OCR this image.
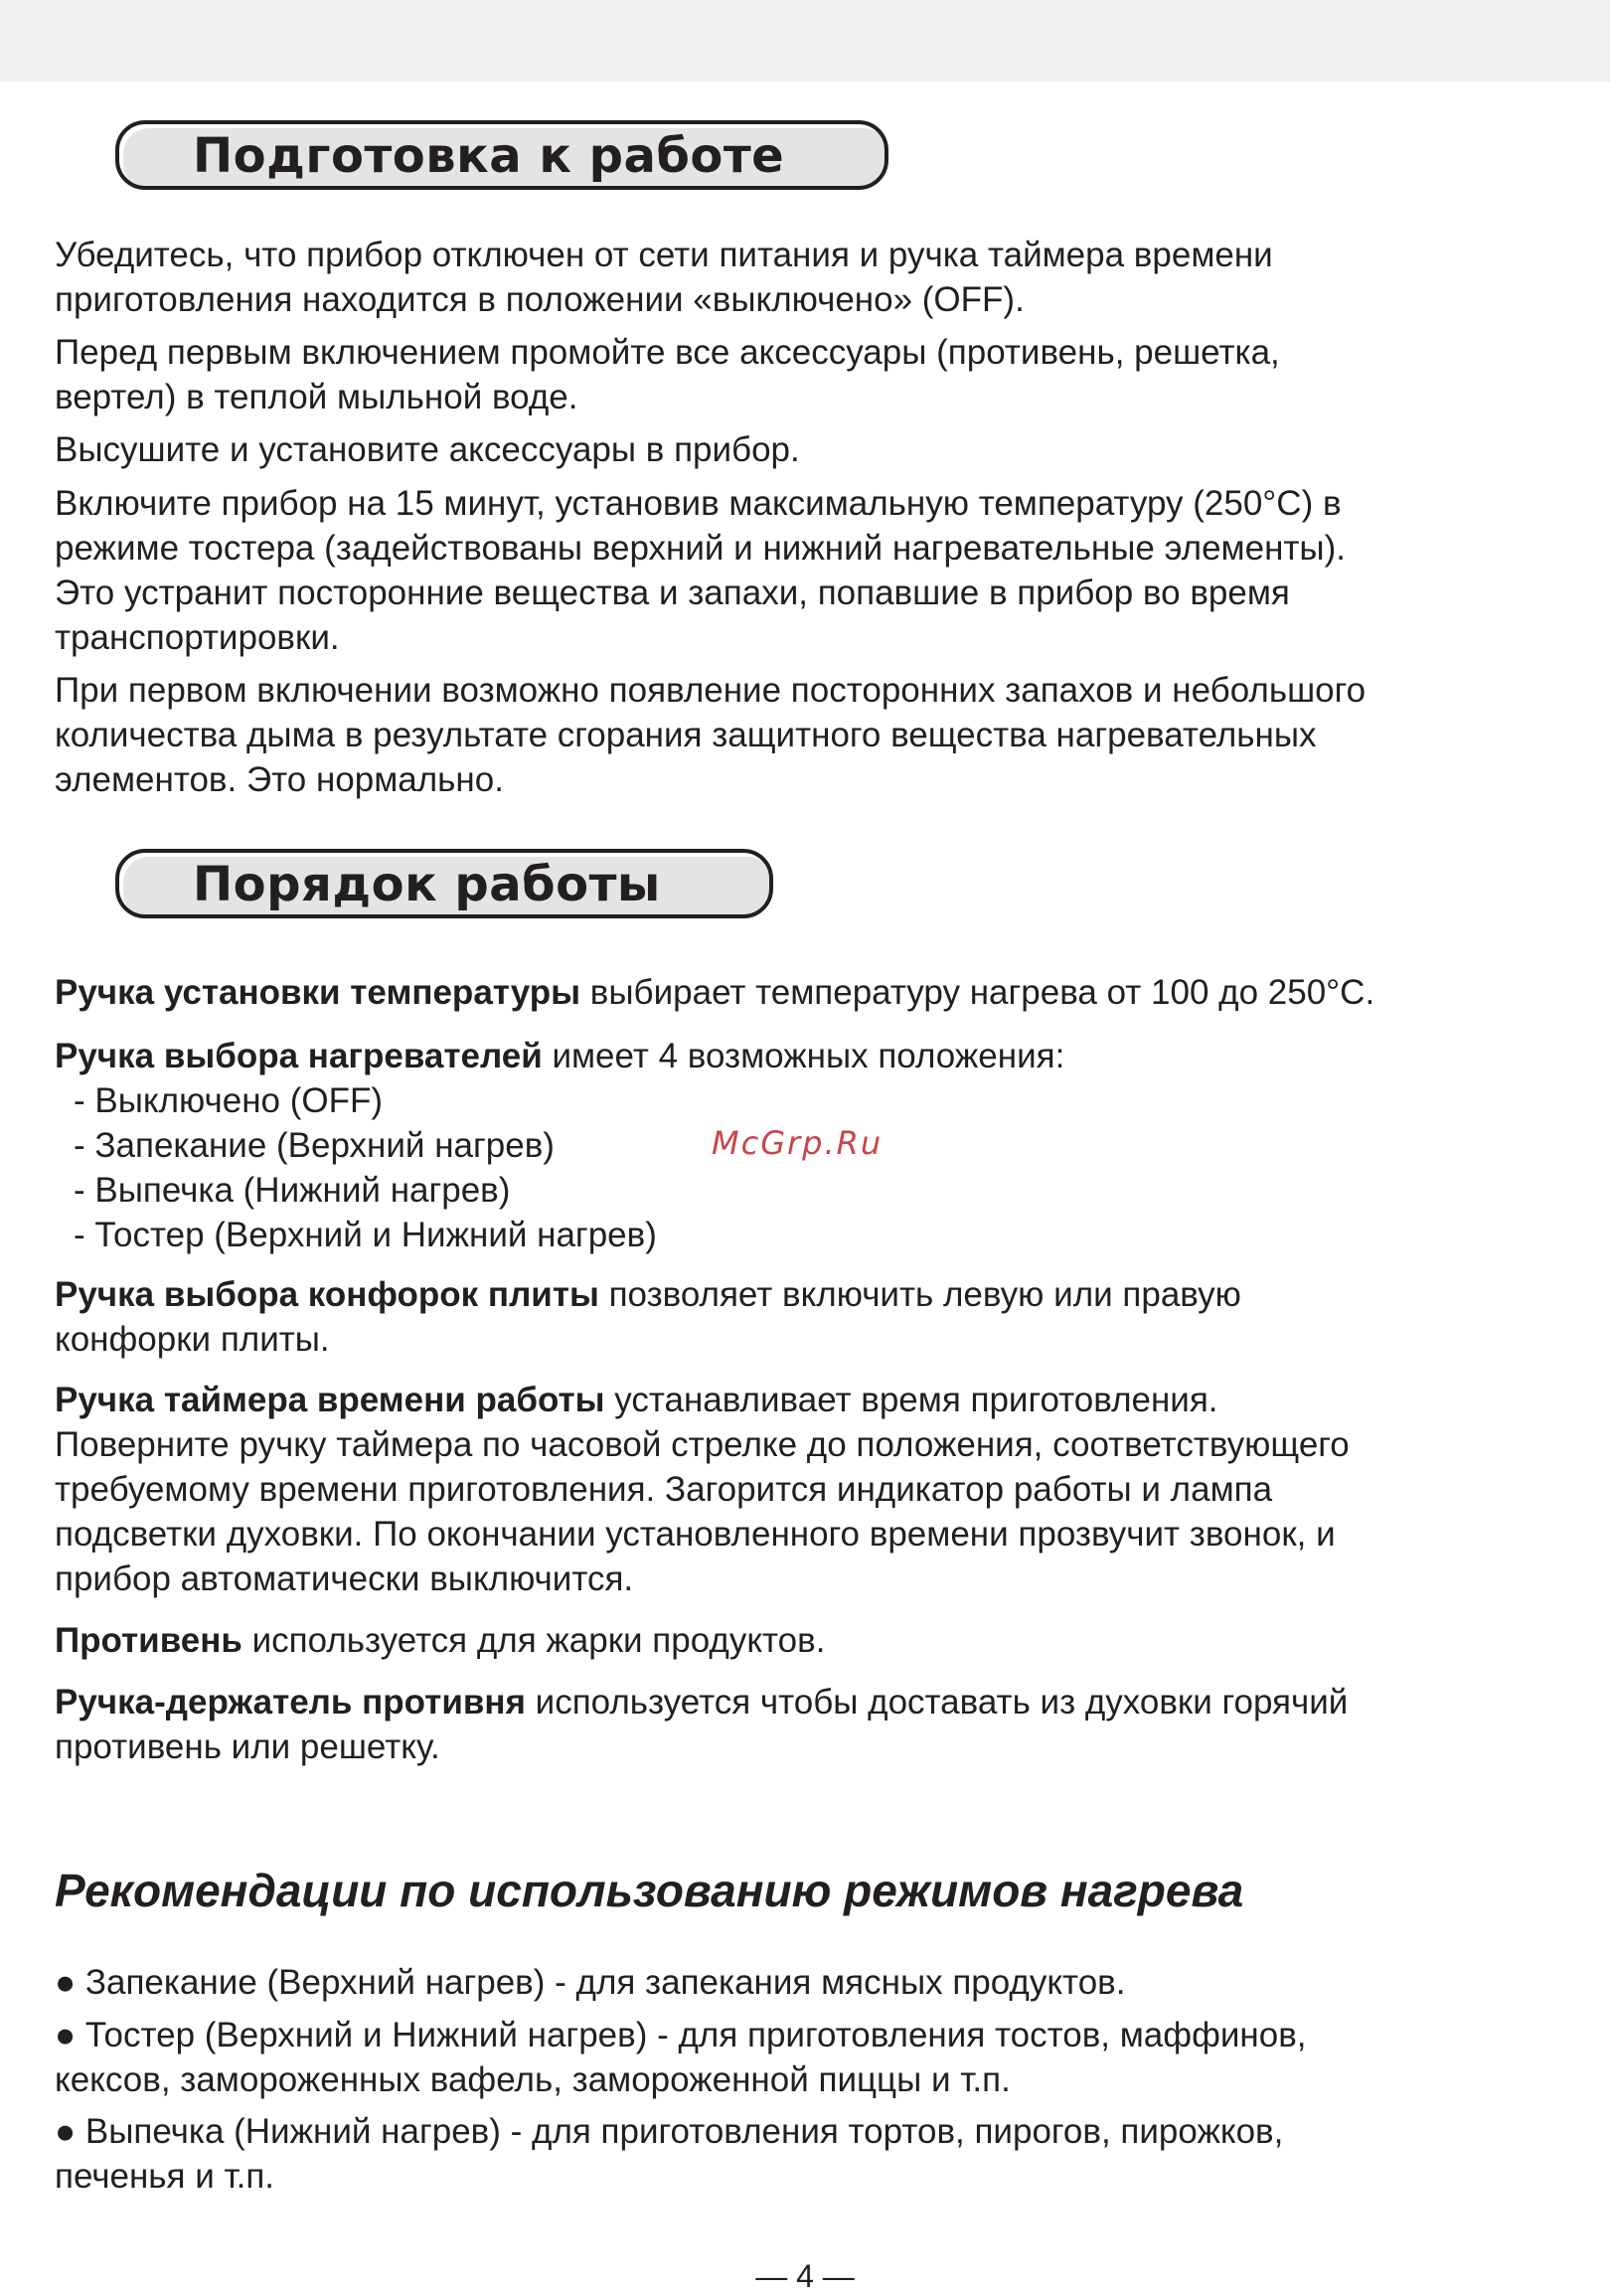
Подготовка к работе

Убедитесь, что прибор отключен от сети питания и ручка таймера времени
приготовления находится в положении «выключено» (OFF).

Перед первым включением промойте все аксессуары (противень, решетка,
вертел) в теплой мыльной воде.

Высушите и установите аксессуары в прибор.

Включите прибор на 15 минут, установив максимальную температуру (250°С) в
режиме тостера (задействованы верхний и нижний нагревательные элементы).
Это устранит посторонние вещества и запахи, попавшие в прибор во время
транспортировки.

При первом включении возможно появление посторонних запахов и небольшого
количества дыма в результате сгорания защитного вещества нагревательных
элементов. Это нормально.

Порядок работы

Ручка установки температуры выбирает температуру нагрева от 100 до 250°С.

Ручка выбора нагревателей имеет 4 возможных положения:

- Выключено (OFF)
- Запекание (Верхний нагрев)
- Выпечка (Нижний нагрев)
- Тостер (Верхний и Нижний нагрев)
McGrp.Ru

Ручка выбора конфорок плиты позволяет включить левую или правую
конфорки плиты.

Ручка таймера времени работы устанавливает время приготовления.
Поверните ручку таймера по часовой стрелке до положения, соответствующего
требуемому времени приготовления. Загорится индикатор работы и лампа
подсветки духовки. По окончании установленного времени прозвучит звонок, и
прибор автоматически выключится.

Противень используется для жарки продуктов.

Ручка-держатель противня используется чтобы доставать из духовки горячий
противень или решетку.

Рекомендации по использованию режимов нагрева

● Запекание (Верхний нагрев) - для запекания мясных продуктов.

● Тостер (Верхний и Нижний нагрев) - для приготовления тостов, маффинов,
кексов, замороженных вафель, замороженной пиццы и т.п.

● Выпечка (Нижний нагрев) - для приготовления тортов, пирогов, пирожков,
печенья и т.п.

— 4 —
